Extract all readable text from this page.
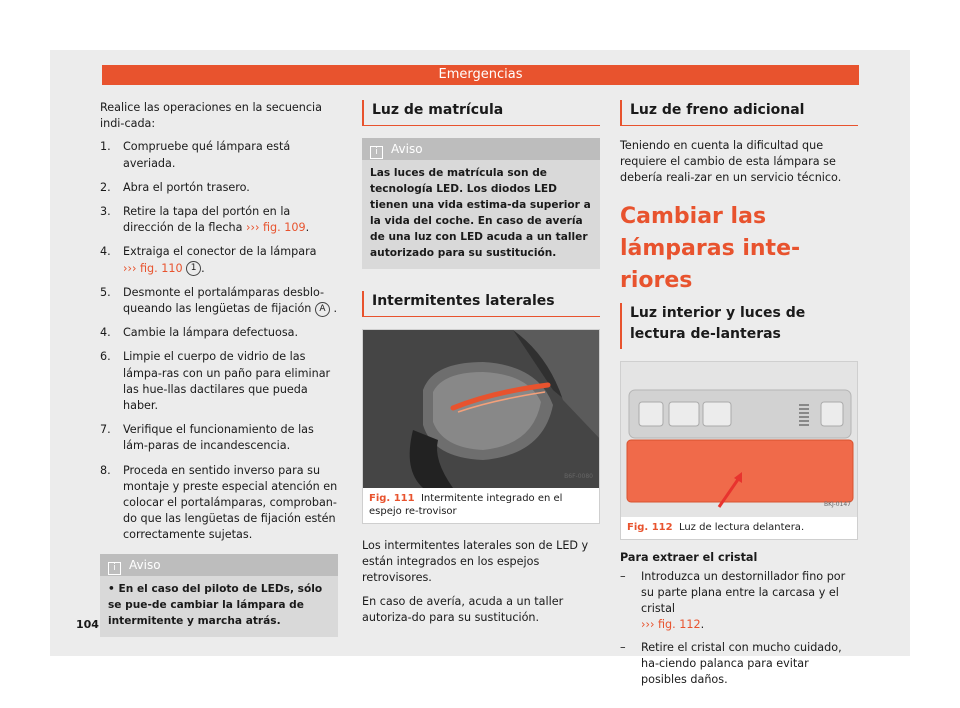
Emergencias

Realice las operaciones en la secuencia indi-cada:

1. Compruebe qué lámpara está averiada.
2. Abra el portón trasero.
3. Retire la tapa del portón en la dirección de la flecha ››› fig. 109.
4. Extraiga el conector de la lámpara
››› fig. 110 1 .
5. Desmonte el portalámparas desblo-queando las lengüetas de fijación A .
4. Cambie la lámpara defectuosa.
6. Limpie el cuerpo de vidrio de las lámpa-ras con un paño para eliminar las hue-llas dactilares que pueda haber.
7. Verifique el funcionamiento de las lám-paras de incandescencia.
8. Proceda en sentido inverso para su montaje y preste especial atención en colocar el portalámparas, comproban-do que las lengüetas de fijación estén correctamente sujetas.
i Aviso
• En el caso del piloto de LEDs, sólo se pue-de cambiar la lámpara de intermitente y marcha atrás.
Luz de matrícula
i Aviso
Las luces de matrícula son de tecnología LED. Los diodos LED tienen una vida estima-da superior a la vida del coche. En caso de avería de una luz con LED acuda a un taller autorizado para su sustitución.
Intermitentes laterales
B6F-0080
Fig. 111 Intermitente integrado en el espejo re-trovisor

Los intermitentes laterales son de LED y están integrados en los espejos retrovisores.

En caso de avería, acuda a un taller autoriza-do para su sustitución.

Luz de freno adicional

Teniendo en cuenta la dificultad que requiere el cambio de esta lámpara se debería reali-zar en un servicio técnico.

Cambiar las lámparas inte-riores
Luz interior y luces de lectura de-lanteras
BKJ-0147
Fig. 112 Luz de lectura delantera.
Para extraer el cristal
– Introduzca un destornillador fino por su parte plana entre la carcasa y el cristal
››› fig. 112.
– Retire el cristal con mucho cuidado, ha-ciendo palanca para evitar posibles daños.
104
